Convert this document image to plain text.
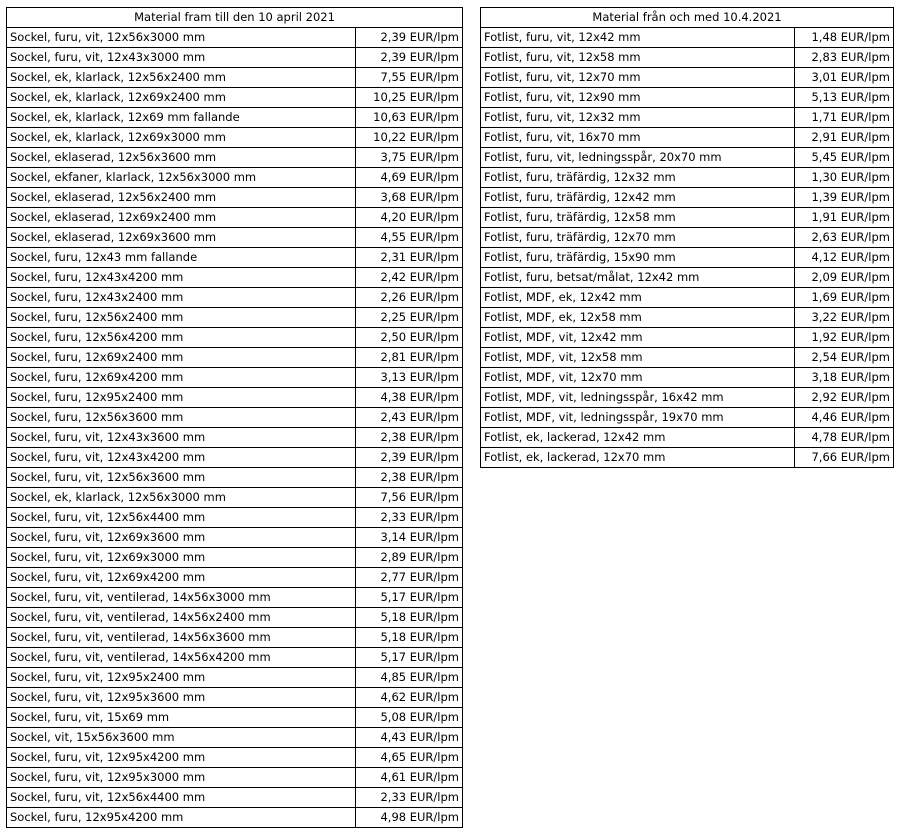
Material fram till den 10 april 2021	
Sockel, furu, vit, 12x56x3000 mm	2,39 EUR/lpm
Sockel, furu, vit, 12x43x3000 mm	2,39 EUR/lpm
Sockel, ek, klarlack, 12x56x2400 mm	7,55 EUR/lpm
Sockel, ek, klarlack, 12x69x2400 mm	10,25 EUR/lpm
Sockel, ek, klarlack, 12x69 mm fallande	10,63 EUR/lpm
Sockel, ek, klarlack, 12x69x3000 mm	10,22 EUR/lpm
Sockel, eklaserad, 12x56x3600 mm	3,75 EUR/lpm
Sockel, ekfaner, klarlack, 12x56x3000 mm	4,69 EUR/lpm
Sockel, eklaserad, 12x56x2400 mm	3,68 EUR/lpm
Sockel, eklaserad, 12x69x2400 mm	4,20 EUR/lpm
Sockel, eklaserad, 12x69x3600 mm	4,55 EUR/lpm
Sockel, furu, 12x43 mm fallande	2,31 EUR/lpm
Sockel, furu, 12x43x4200 mm	2,42 EUR/lpm
Sockel, furu, 12x43x2400 mm	2,26 EUR/lpm
Sockel, furu, 12x56x2400 mm	2,25 EUR/lpm
Sockel, furu, 12x56x4200 mm	2,50 EUR/lpm
Sockel, furu, 12x69x2400 mm	2,81 EUR/lpm
Sockel, furu, 12x69x4200 mm	3,13 EUR/lpm
Sockel, furu, 12x95x2400 mm	4,38 EUR/lpm
Sockel, furu, 12x56x3600 mm	2,43 EUR/lpm
Sockel, furu, vit, 12x43x3600 mm	2,38 EUR/lpm
Sockel, furu, vit, 12x43x4200 mm	2,39 EUR/lpm
Sockel, furu, vit, 12x56x3600 mm	2,38 EUR/lpm
Sockel, ek, klarlack, 12x56x3000 mm	7,56 EUR/lpm
Sockel, furu, vit, 12x56x4400 mm	2,33 EUR/lpm
Sockel, furu, vit, 12x69x3600 mm	3,14 EUR/lpm
Sockel, furu, vit, 12x69x3000 mm	2,89 EUR/lpm
Sockel, furu, vit, 12x69x4200 mm	2,77 EUR/lpm
Sockel, furu, vit, ventilerad, 14x56x3000 mm	5,17 EUR/lpm
Sockel, furu, vit, ventilerad, 14x56x2400 mm	5,18 EUR/lpm
Sockel, furu, vit, ventilerad, 14x56x3600 mm	5,18 EUR/lpm
Sockel, furu, vit, ventilerad, 14x56x4200 mm	5,17 EUR/lpm
Sockel, furu, vit, 12x95x2400 mm	4,85 EUR/lpm
Sockel, furu, vit, 12x95x3600 mm	4,62 EUR/lpm
Sockel, furu, vit, 15x69 mm	5,08 EUR/lpm
Sockel, vit, 15x56x3600 mm	4,43 EUR/lpm
Sockel, furu, vit, 12x95x4200 mm	4,65 EUR/lpm
Sockel, furu, vit, 12x95x3000 mm	4,61 EUR/lpm
Sockel, furu, vit, 12x56x4400 mm	2,33 EUR/lpm
Sockel, furu, 12x95x4200 mm	4,98 EUR/lpm
Material från och med 10.4.2021	
Fotlist, furu, vit, 12x42 mm	1,48 EUR/lpm
Fotlist, furu, vit, 12x58 mm	2,83 EUR/lpm
Fotlist, furu, vit, 12x70 mm	3,01 EUR/lpm
Fotlist, furu, vit, 12x90 mm	5,13 EUR/lpm
Fotlist, furu, vit, 12x32 mm	1,71 EUR/lpm
Fotlist, furu, vit, 16x70 mm	2,91 EUR/lpm
Fotlist, furu, vit, ledningsspår, 20x70 mm	5,45 EUR/lpm
Fotlist, furu, träfärdig, 12x32 mm	1,30 EUR/lpm
Fotlist, furu, träfärdig, 12x42 mm	1,39 EUR/lpm
Fotlist, furu, träfärdig, 12x58 mm	1,91 EUR/lpm
Fotlist, furu, träfärdig, 12x70 mm	2,63 EUR/lpm
Fotlist, furu, träfärdig, 15x90 mm	4,12 EUR/lpm
Fotlist, furu, betsat/målat, 12x42 mm	2,09 EUR/lpm
Fotlist, MDF, ek, 12x42 mm	1,69 EUR/lpm
Fotlist, MDF, ek, 12x58 mm	3,22 EUR/lpm
Fotlist, MDF, vit, 12x42 mm	1,92 EUR/lpm
Fotlist, MDF, vit, 12x58 mm	2,54 EUR/lpm
Fotlist, MDF, vit, 12x70 mm	3,18 EUR/lpm
Fotlist, MDF, vit, ledningsspår, 16x42 mm	2,92 EUR/lpm
Fotlist, MDF, vit, ledningsspår, 19x70 mm	4,46 EUR/lpm
Fotlist, ek, lackerad, 12x42 mm	4,78 EUR/lpm
Fotlist, ek, lackerad, 12x70 mm	7,66 EUR/lpm
